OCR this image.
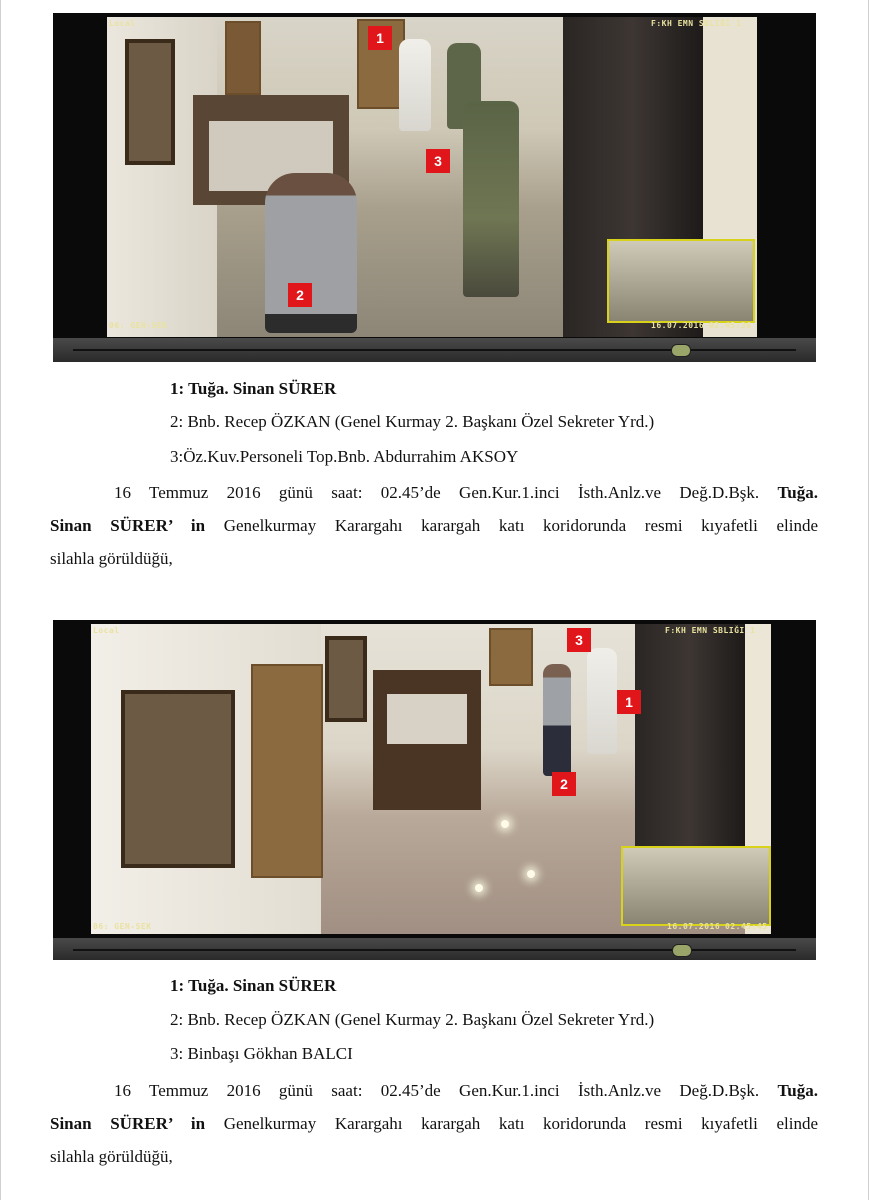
Local	F:KH EMN SBLIĞI 1
06: GEN-SEK	16.07.2016 02.45:36
1
2
3
1: Tuğa. Sinan SÜRER
2: Bnb. Recep ÖZKAN (Genel Kurmay 2. Başkanı Özel Sekreter Yrd.)
3:Öz.Kuv.Personeli Top.Bnb. Abdurrahim AKSOY
16 Temmuz 2016 günü saat: 02.45’de Gen.Kur.1.inci İsth.Anlz.ve Değ.D.Bşk. Tuğa.
Sinan SÜRER’ in Genelkurmay Karargahı karargah katı koridorunda resmi kıyafetli elinde
silahla görüldüğü,
Local	F:KH EMN SBLIĞI 1
06: GEN-SEK	16.07.2016 02.45:45
1
2
3
1: Tuğa. Sinan SÜRER
2: Bnb. Recep ÖZKAN (Genel Kurmay 2. Başkanı Özel Sekreter Yrd.)
3: Binbaşı Gökhan BALCI
16 Temmuz 2016 günü saat: 02.45’de Gen.Kur.1.inci İsth.Anlz.ve Değ.D.Bşk. Tuğa.
Sinan SÜRER’ in Genelkurmay Karargahı karargah katı koridorunda resmi kıyafetli elinde
silahla görüldüğü,
